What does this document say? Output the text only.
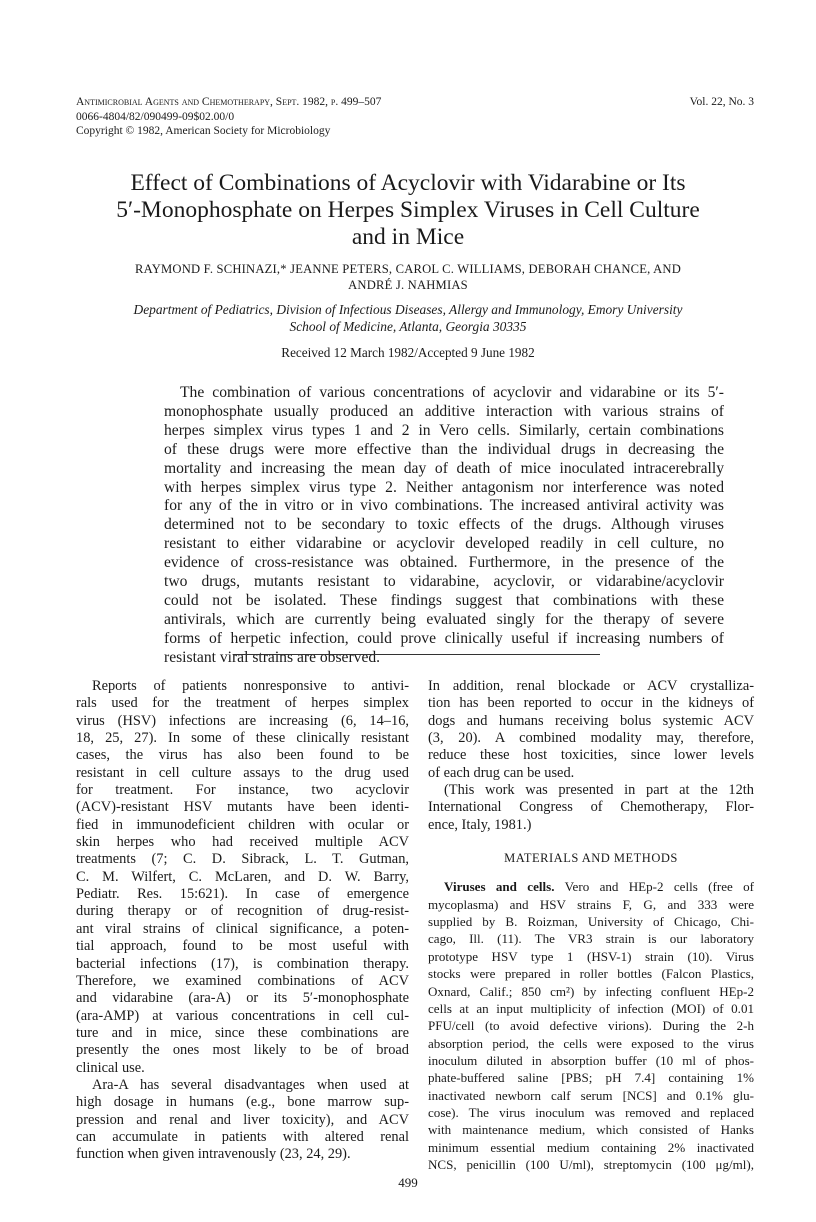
Antimicrobial Agents and Chemotherapy, Sept. 1982, p. 499–507
0066-4804/82/090499-09$02.00/0
Copyright © 1982, American Society for Microbiology
Vol. 22, No. 3
Effect of Combinations of Acyclovir with Vidarabine or Its
5′-Monophosphate on Herpes Simplex Viruses in Cell Culture
and in Mice
RAYMOND F. SCHINAZI,* JEANNE PETERS, CAROL C. WILLIAMS, DEBORAH CHANCE, AND
ANDRÉ J. NAHMIAS
Department of Pediatrics, Division of Infectious Diseases, Allergy and Immunology, Emory University
School of Medicine, Atlanta, Georgia 30335
Received 12 March 1982/Accepted 9 June 1982
The combination of various concentrations of acyclovir and vidarabine or its 5′-
monophosphate usually produced an additive interaction with various strains of
herpes simplex virus types 1 and 2 in Vero cells. Similarly, certain combinations
of these drugs were more effective than the individual drugs in decreasing the
mortality and increasing the mean day of death of mice inoculated intracerebrally
with herpes simplex virus type 2. Neither antagonism nor interference was noted
for any of the in vitro or in vivo combinations. The increased antiviral activity was
determined not to be secondary to toxic effects of the drugs. Although viruses
resistant to either vidarabine or acyclovir developed readily in cell culture, no
evidence of cross-resistance was obtained. Furthermore, in the presence of the
two drugs, mutants resistant to vidarabine, acyclovir, or vidarabine/acyclovir
could not be isolated. These findings suggest that combinations with these
antivirals, which are currently being evaluated singly for the therapy of severe
forms of herpetic infection, could prove clinically useful if increasing numbers of
resistant viral strains are observed.
Reports of patients nonresponsive to antivi-
rals used for the treatment of herpes simplex
virus (HSV) infections are increasing (6, 14–16,
18, 25, 27). In some of these clinically resistant
cases, the virus has also been found to be
resistant in cell culture assays to the drug used
for treatment. For instance, two acyclovir
(ACV)-resistant HSV mutants have been identi-
fied in immunodeficient children with ocular or
skin herpes who had received multiple ACV
treatments (7; C. D. Sibrack, L. T. Gutman,
C. M. Wilfert, C. McLaren, and D. W. Barry,
Pediatr. Res. 15:621). In case of emergence
during therapy or of recognition of drug-resist-
ant viral strains of clinical significance, a poten-
tial approach, found to be most useful with
bacterial infections (17), is combination therapy.
Therefore, we examined combinations of ACV
and vidarabine (ara-A) or its 5′-monophosphate
(ara-AMP) at various concentrations in cell cul-
ture and in mice, since these combinations are
presently the ones most likely to be of broad
clinical use.
Ara-A has several disadvantages when used at
high dosage in humans (e.g., bone marrow sup-
pression and renal and liver toxicity), and ACV
can accumulate in patients with altered renal
function when given intravenously (23, 24, 29).
In addition, renal blockade or ACV crystalliza-
tion has been reported to occur in the kidneys of
dogs and humans receiving bolus systemic ACV
(3, 20). A combined modality may, therefore,
reduce these host toxicities, since lower levels
of each drug can be used.
(This work was presented in part at the 12th
International Congress of Chemotherapy, Flor-
ence, Italy, 1981.)
MATERIALS AND METHODS
Viruses and cells. Vero and HEp-2 cells (free of
mycoplasma) and HSV strains F, G, and 333 were
supplied by B. Roizman, University of Chicago, Chi-
cago, Ill. (11). The VR3 strain is our laboratory
prototype HSV type 1 (HSV-1) strain (10). Virus
stocks were prepared in roller bottles (Falcon Plastics,
Oxnard, Calif.; 850 cm²) by infecting confluent HEp-2
cells at an input multiplicity of infection (MOI) of 0.01
PFU/cell (to avoid defective virions). During the 2-h
absorption period, the cells were exposed to the virus
inoculum diluted in absorption buffer (10 ml of phos-
phate-buffered saline [PBS; pH 7.4] containing 1%
inactivated newborn calf serum [NCS] and 0.1% glu-
cose). The virus inoculum was removed and replaced
with maintenance medium, which consisted of Hanks
minimum essential medium containing 2% inactivated
NCS, penicillin (100 U/ml), streptomycin (100 μg/ml),
499
